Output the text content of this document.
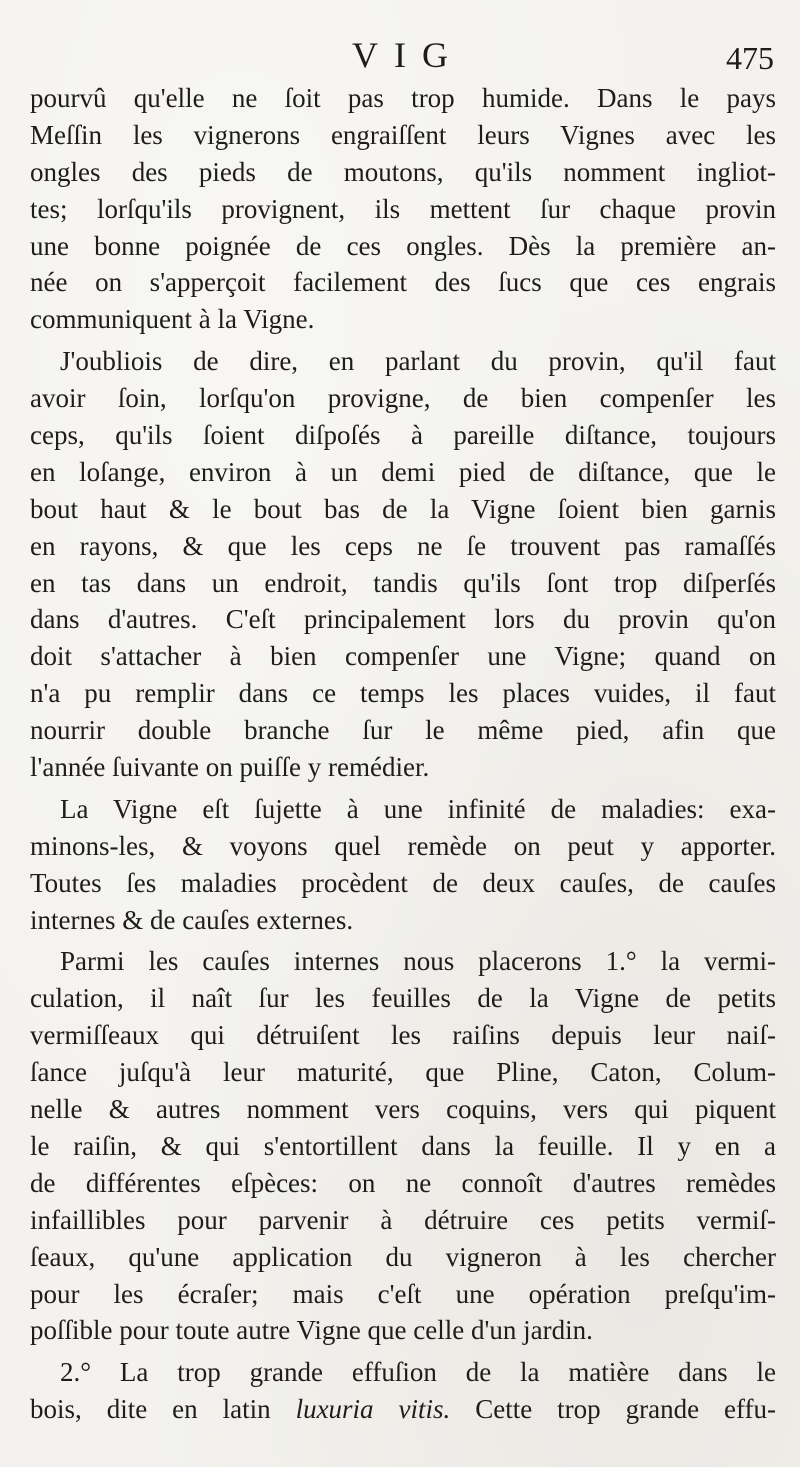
VIG	475
pourvû qu'elle ne ſoit pas trop humide. Dans le pays
Meſſin les vignerons engraiſſent leurs Vignes avec les
ongles des pieds de moutons, qu'ils nomment ingliot-
tes; lorſqu'ils provignent, ils mettent ſur chaque provin
une bonne poignée de ces ongles. Dès la première an-
née on s'apperçoit facilement des ſucs que ces engrais
communiquent à la Vigne.
J'oubliois de dire, en parlant du provin, qu'il faut
avoir ſoin, lorſqu'on provigne, de bien compenſer les
ceps, qu'ils ſoient diſpoſés à pareille diſtance, toujours
en loſange, environ à un demi pied de diſtance, que le
bout haut & le bout bas de la Vigne ſoient bien garnis
en rayons, & que les ceps ne ſe trouvent pas ramaſſés
en tas dans un endroit, tandis qu'ils ſont trop diſperſés
dans d'autres. C'eſt principalement lors du provin qu'on
doit s'attacher à bien compenſer une Vigne; quand on
n'a pu remplir dans ce temps les places vuides, il faut
nourrir double branche ſur le même pied, afin que
l'année ſuivante on puiſſe y remédier.
La Vigne eſt ſujette à une infinité de maladies: exa-
minons-les, & voyons quel remède on peut y apporter.
Toutes ſes maladies procèdent de deux cauſes, de cauſes
internes & de cauſes externes.
Parmi les cauſes internes nous placerons 1.° la vermi-
culation, il naît ſur les feuilles de la Vigne de petits
vermiſſeaux qui détruiſent les raiſins depuis leur naiſ-
ſance juſqu'à leur maturité, que Pline, Caton, Colum-
nelle & autres nomment vers coquins, vers qui piquent
le raiſin, & qui s'entortillent dans la feuille. Il y en a
de différentes eſpèces: on ne connoît d'autres remèdes
infaillibles pour parvenir à détruire ces petits vermiſ-
ſeaux, qu'une application du vigneron à les chercher
pour les écraſer; mais c'eſt une opération preſqu'im-
poſſible pour toute autre Vigne que celle d'un jardin.
2.° La trop grande effuſion de la matière dans le
bois, dite en latin luxuria vitis. Cette trop grande effu-
